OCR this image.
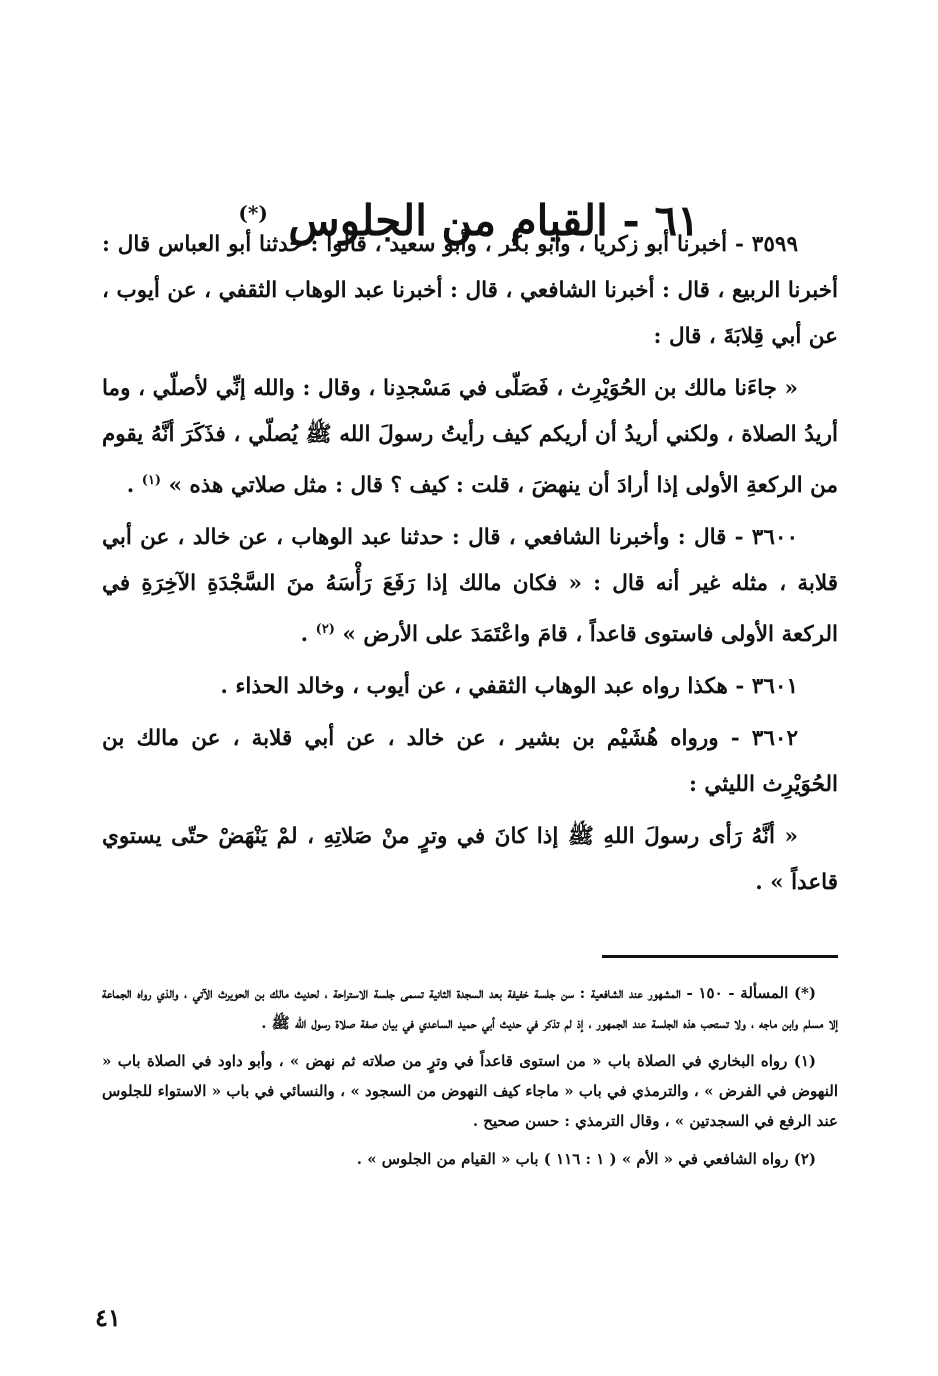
٦١ - القيام من الجلوس (*)

٣٥٩٩ - أخبرنا أبو زكريا ، وأبو بكر ، وأبو سعيد ، قالوا : حدثنا أبو العباس قال : أخبرنا الربيع ، قال : أخبرنا الشافعي ، قال : أخبرنا عبد الوهاب الثقفي ، عن أيوب ، عن أبي قِلابَةَ ، قال :

« جاءَنا مالك بن الحُوَيْرِث ، فَصَلّى في مَسْجدِنا ، وقال : والله إنِّي لأصلّي ، وما أريدُ الصلاة ، ولكني أريدُ أن أريكم كيف رأيتُ رسولَ الله ﷺ يُصلّي ، فذَكَرَ أنَّهُ يقوم من الركعةِ الأولى إذا أرادَ أن ينهضَ ، قلت : كيف ؟ قال : مثل صلاتي هذه » $^{(١)}$ .

٣٦٠٠ - قال : وأخبرنا الشافعي ، قال : حدثنا عبد الوهاب ، عن خالد ، عن أبي قلابة ، مثله غير أنه قال : « فكان مالك إذا رَفَعَ رَأْسَهُ منَ السَّجْدَةِ الآخِرَةِ في الركعة الأولى فاستوى قاعداً ، قامَ واعْتَمَدَ على الأرض » $^{(٢)}$ .

٣٦٠١ - هكذا رواه عبد الوهاب الثقفي ، عن أيوب ، وخالد الحذاء .

٣٦٠٢ - ورواه هُشَيْم بن بشير ، عن خالد ، عن أبي قلابة ، عن مالك بن الحُوَيْرِث الليثي :

« أنَّهُ رَأى رسولَ اللهِ ﷺ إذا كانَ في وترٍ منْ صَلاتِهِ ، لمْ يَنْهَضْ حتّى يستوي قاعداً » .

(*) المسألة - ١٥٠ - المشهور عند الشافعية : سن جلسة خفيفة بعد السجدة الثانية تسمى جلسة الاستراحة ، لحديث مالك بن الحويرث الآتي ، والذي رواه الجماعة إلا مسلم وابن ماجه ، ولا تستحب هذه الجلسة عند الجمهور ، إذ لم تذكر في حديث أبي حميد الساعدي في بيان صفة صلاة رسول الله ﷺ .

(١) رواه البخاري في الصلاة باب « من استوى قاعداً في وترٍ من صلاته ثم نهض » ، وأبو داود في الصلاة باب « النهوض في الفرض » ، والترمذي في باب « ماجاء كيف النهوض من السجود » ، والنسائي في باب « الاستواء للجلوس عند الرفع في السجدتين » ، وقال الترمذي : حسن صحيح .

(٢) رواه الشافعي في « الأم » ( ١ : ١١٦ ) باب « القيام من الجلوس » .

٤١
